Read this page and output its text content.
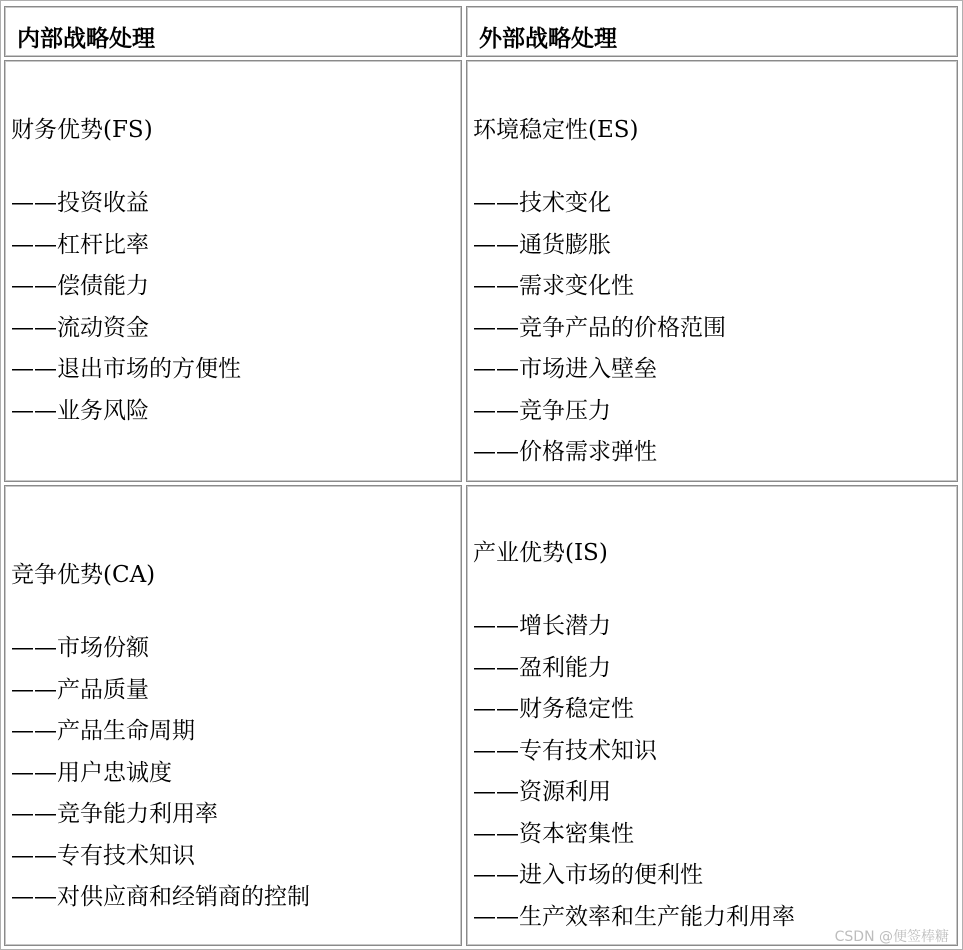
内部战略处理	外部战略处理
财务优势(FS)
——投资收益
——杠杆比率
——偿债能力
——流动资金
——退出市场的方便性
——业务风险
环境稳定性(ES)
——技术变化
——通货膨胀
——需求变化性
——竞争产品的价格范围
——市场进入壁垒
——竞争压力
——价格需求弹性
竞争优势(CA)
——市场份额
——产品质量
——产品生命周期
——用户忠诚度
——竞争能力利用率
——专有技术知识
——对供应商和经销商的控制
产业优势(IS)
——增长潜力
——盈利能力
——财务稳定性
——专有技术知识
——资源利用
——资本密集性
——进入市场的便利性
——生产效率和生产能力利用率
CSDN @便签棒糖
